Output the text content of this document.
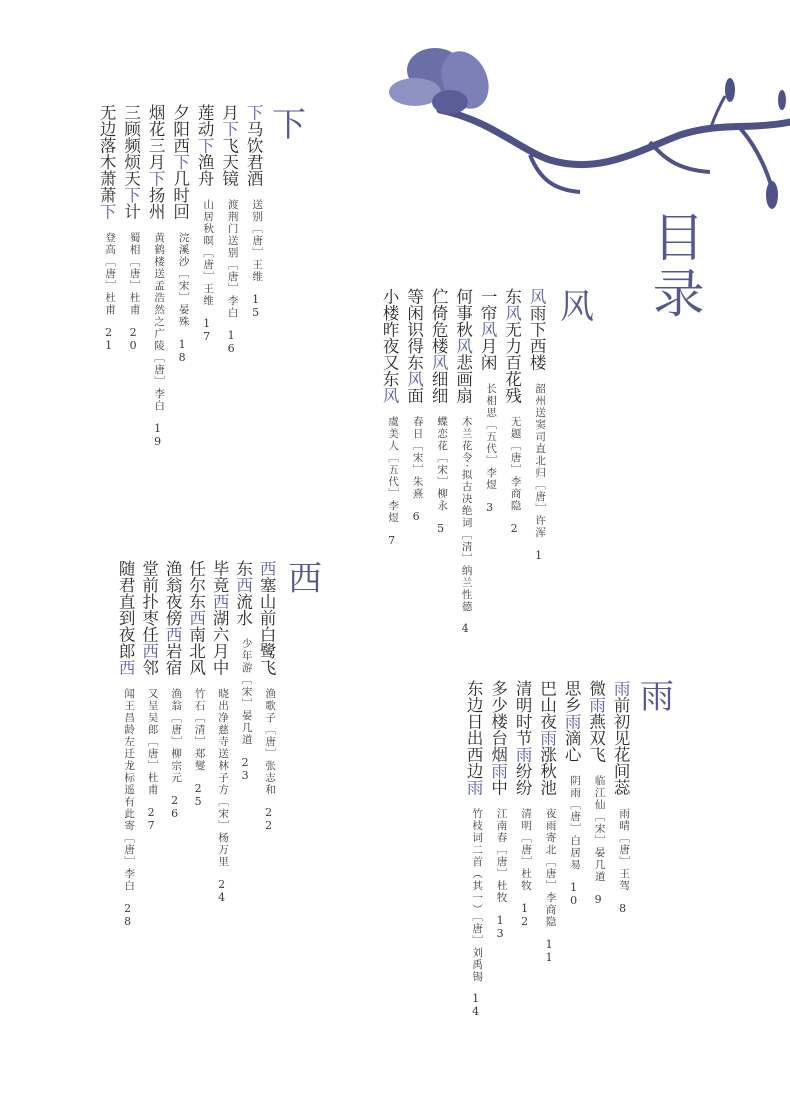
目录
风
下
雨
西
风雨下西楼
韶州送窦司直北归［唐］许浑
1
东风无力百花残
无题［唐］李商隐
2
一帘风月闲
长相思［五代］李煜
3
何事秋风悲画扇
木兰花令·拟古决绝词［清］纳兰性德
4
伫倚危楼风细细
蝶恋花［宋］柳永
5
等闲识得东风面
春日［宋］朱熹
6
小楼昨夜又东风
虞美人［五代］李煜
7
下马饮君酒
送别［唐］王维
15
月下飞天镜
渡荆门送别［唐］李白
16
莲动下渔舟
山居秋暝［唐］王维
17
夕阳西下几时回
浣溪沙［宋］晏殊
18
烟花三月下扬州
黄鹤楼送孟浩然之广陵［唐］李白
19
三顾频烦天下计
蜀相［唐］杜甫
20
无边落木萧萧下
登高［唐］杜甫
21
雨前初见花间蕊
雨晴［唐］王驾
8
微雨燕双飞
临江仙［宋］晏几道
9
思乡雨滴心
阴雨［唐］白居易
10
巴山夜雨涨秋池
夜雨寄北［唐］李商隐
11
清明时节雨纷纷
清明［唐］杜牧
12
多少楼台烟雨中
江南春［唐］杜牧
13
东边日出西边雨
竹枝词二首（其一）［唐］刘禹锡
14
西塞山前白鹭飞
渔歌子［唐］张志和
22
东西流水
少年游［宋］晏几道
23
毕竟西湖六月中
晓出净慈寺送林子方［宋］杨万里
24
任尔东西南北风
竹石［清］郑燮
25
渔翁夜傍西岩宿
渔翁［唐］柳宗元
26
堂前扑枣任西邻
又呈吴郎［唐］杜甫
27
随君直到夜郎西
闻王昌龄左迁龙标遥有此寄［唐］李白
28
